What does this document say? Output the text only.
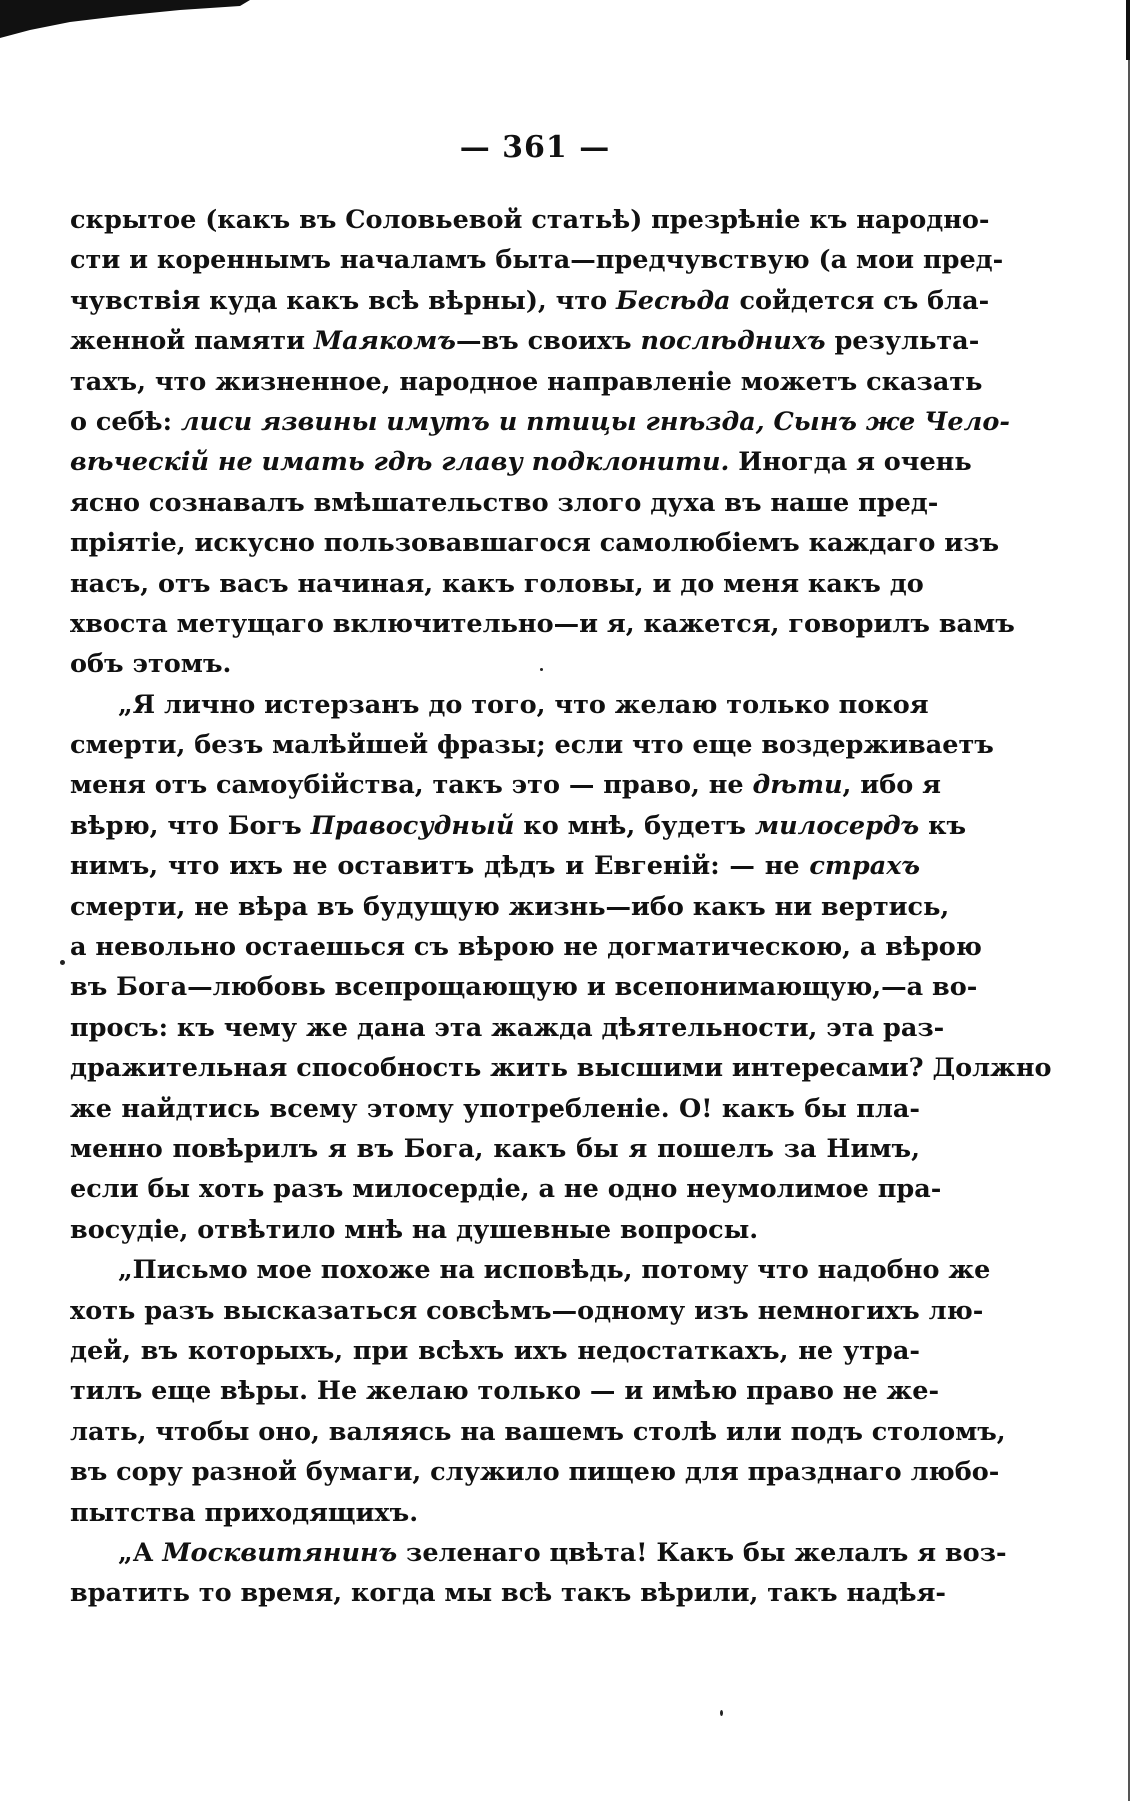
— 361 —
скрытое (какъ въ Соловьевой статьѣ) презрѣніе къ народно-
сти и кореннымъ началамъ быта—предчувствую (а мои пред-
чувствія куда какъ всѣ вѣрны), что Бесѣда сойдется съ бла-
женной памяти Маякомъ—въ своихъ послѣднихъ результа-
тахъ, что жизненное, народное направленіе можетъ сказать
о себѣ: лиси язвины имутъ и птицы гнѣзда, Сынъ же Чело-
вѣческій не имать гдѣ главу подклонити. Иногда я очень
ясно сознавалъ вмѣшательство злого духа въ наше пред-
пріятіе, искусно пользовавшагося самолюбіемъ каждаго изъ
насъ, отъ васъ начиная, какъ головы, и до меня какъ до
хвоста метущаго включительно—и я, кажется, говорилъ вамъ
объ этомъ.
„Я лично истерзанъ до того, что желаю только покоя
смерти, безъ малѣйшей фразы; если что еще воздерживаетъ
меня отъ самоубійства, такъ это — право, не дѣти, ибо я
вѣрю, что Богъ Правосудный ко мнѣ, будетъ милосердъ къ
нимъ, что ихъ не оставитъ дѣдъ и Евгеній: — не страхъ
смерти, не вѣра въ будущую жизнь—ибо какъ ни вертись,
а невольно остаешься съ вѣрою не догматическою, а вѣрою
въ Бога—любовь всепрощающую и всепонимающую,—а во-
просъ: къ чему же дана эта жажда дѣятельности, эта раз-
дражительная способность жить высшими интересами? Должно
же найдтись всему этому употребленіе. О! какъ бы пла-
менно повѣрилъ я въ Бога, какъ бы я пошелъ за Нимъ,
если бы хоть разъ милосердіе, а не одно неумолимое пра-
восудіе, отвѣтило мнѣ на душевные вопросы.
„Письмо мое похоже на исповѣдь, потому что надобно же
хоть разъ высказаться совсѣмъ—одному изъ немногихъ лю-
дей, въ которыхъ, при всѣхъ ихъ недостаткахъ, не утра-
тилъ еще вѣры. Не желаю только — и имѣю право не же-
лать, чтобы оно, валяясь на вашемъ столѣ или подъ столомъ,
въ сору разной бумаги, служило пищею для празднаго любо-
пытства приходящихъ.
„А Москвитянинъ зеленаго цвѣта! Какъ бы желалъ я воз-
вратить то время, когда мы всѣ такъ вѣрили, такъ надѣя-
